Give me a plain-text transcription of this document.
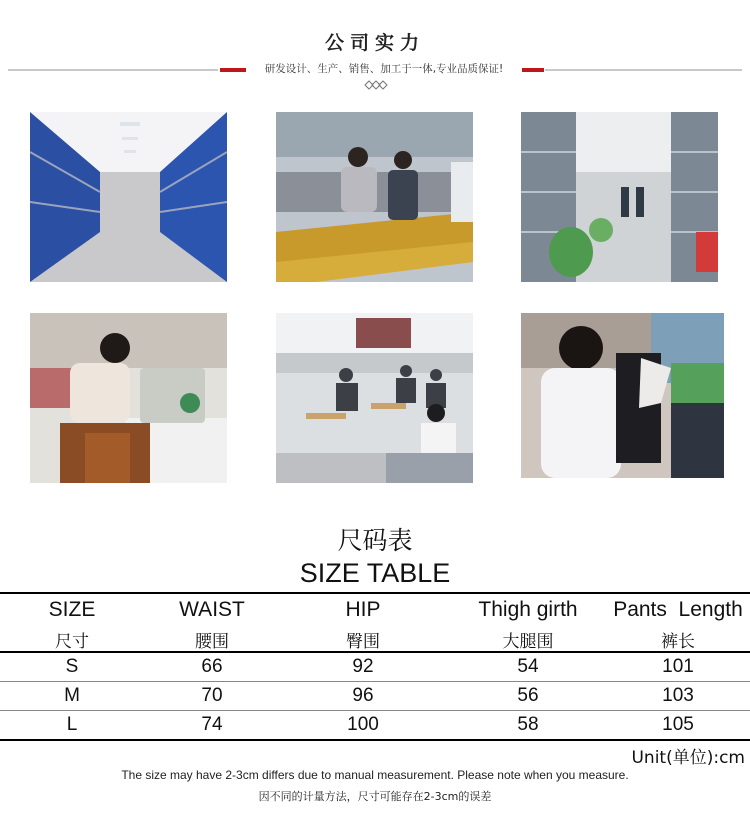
公司实力
研发设计、生产、销售、加工于一体,专业品质保证!
尺码表
SIZE TABLE
SIZE	WAIST	HIP	Thigh girth	Pants  Length
尺寸	腰围	臀围	大腿围	裤长
S	66	92	54	101
M	70	96	56	103
L	74	100	58	105
Unit(单位):cm
The size may have 2-3cm differs due to manual measurement. Please note when you measure.
因不同的计量方法，尺寸可能存在2-3cm的误差
